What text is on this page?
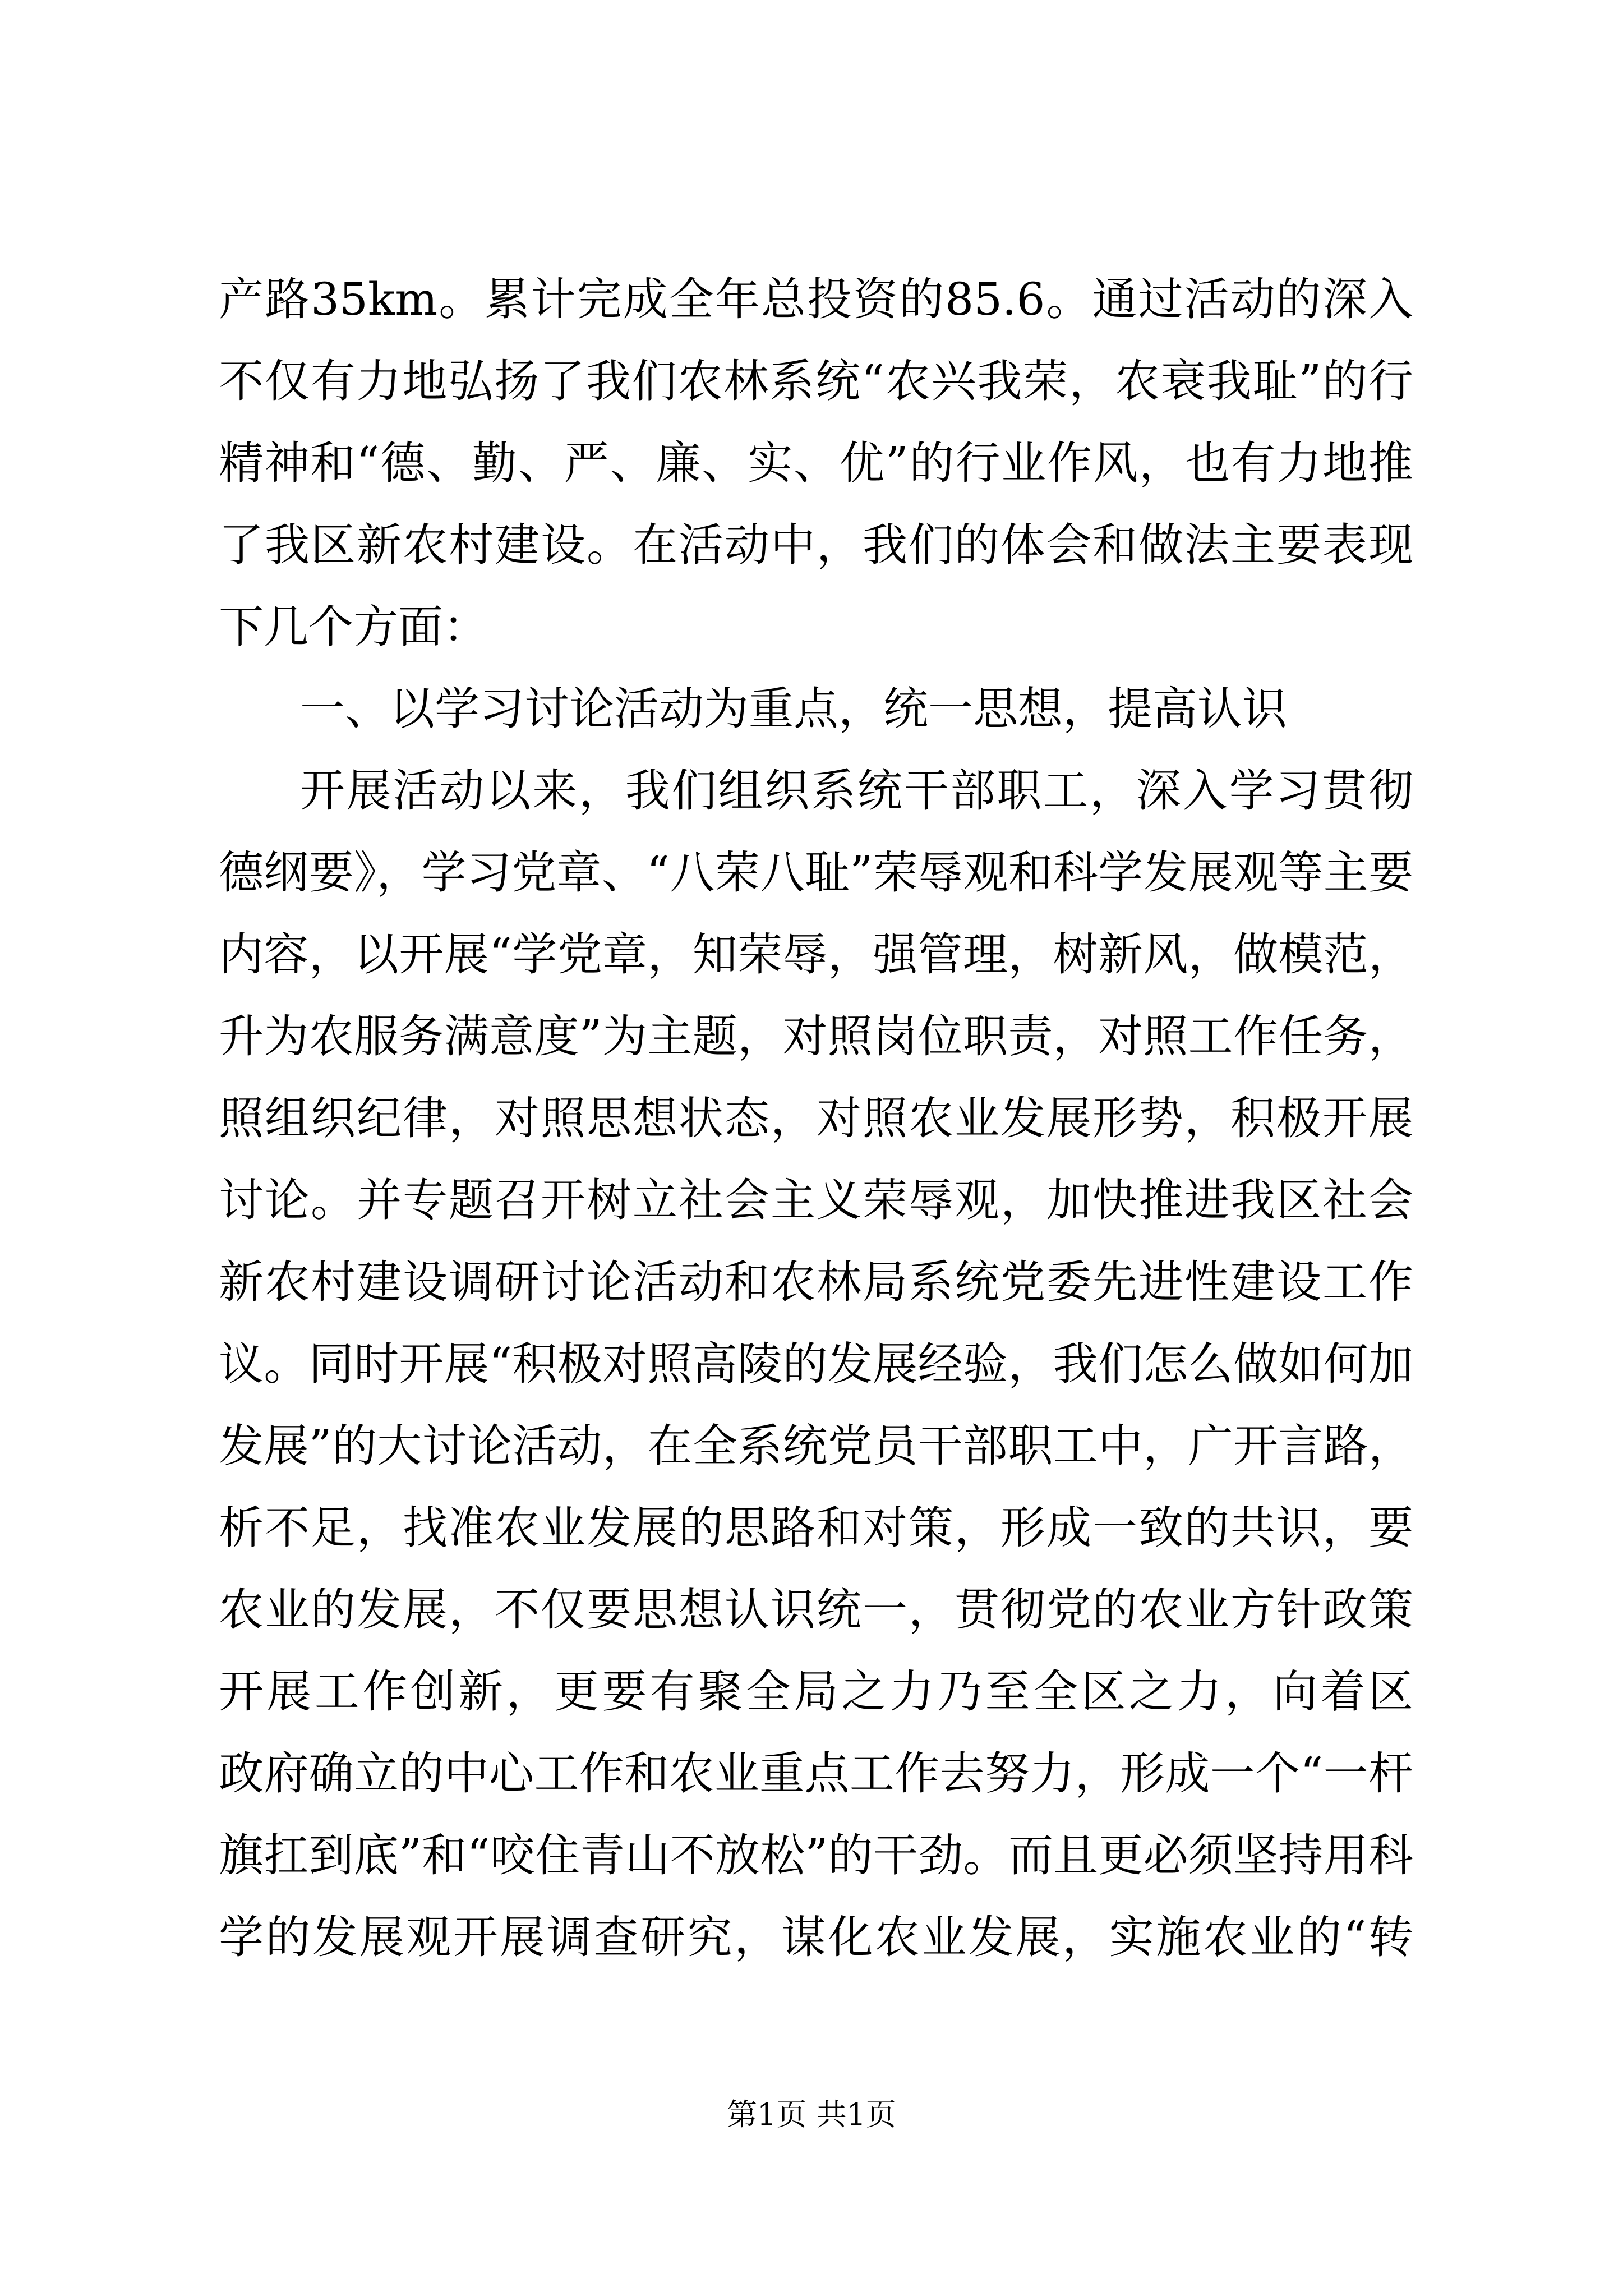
产路35km。累计完成全年总投资的85.6。通过活动的深入
不仅有力地弘扬了我们农林系统“农兴我荣，农衰我耻”的行
精神和“德、勤、严、廉、实、优”的行业作风，也有力地推
了我区新农村建设。在活动中，我们的体会和做法主要表现
下几个方面：
一、以学习讨论活动为重点，统一思想，提高认识
开展活动以来，我们组织系统干部职工，深入学习贯彻
德纲要》，学习党章、“八荣八耻”荣辱观和科学发展观等主要
内容，以开展“学党章，知荣辱，强管理，树新风，做模范，
升为农服务满意度”为主题，对照岗位职责，对照工作任务，
照组织纪律，对照思想状态，对照农业发展形势，积极开展
讨论。并专题召开树立社会主义荣辱观，加快推进我区社会
新农村建设调研讨论活动和农林局系统党委先进性建设工作
议。同时开展“积极对照高陵的发展经验，我们怎么做如何加
发展”的大讨论活动，在全系统党员干部职工中，广开言路，
析不足，找准农业发展的思路和对策，形成一致的共识，要
农业的发展，不仅要思想认识统一，贯彻党的农业方针政策
开展工作创新，更要有聚全局之力乃至全区之力，向着区
政府确立的中心工作和农业重点工作去努力，形成一个“一杆
旗扛到底”和“咬住青山不放松”的干劲。而且更必须坚持用科
学的发展观开展调查研究，谋化农业发展，实施农业的“转
第1页 共1页
